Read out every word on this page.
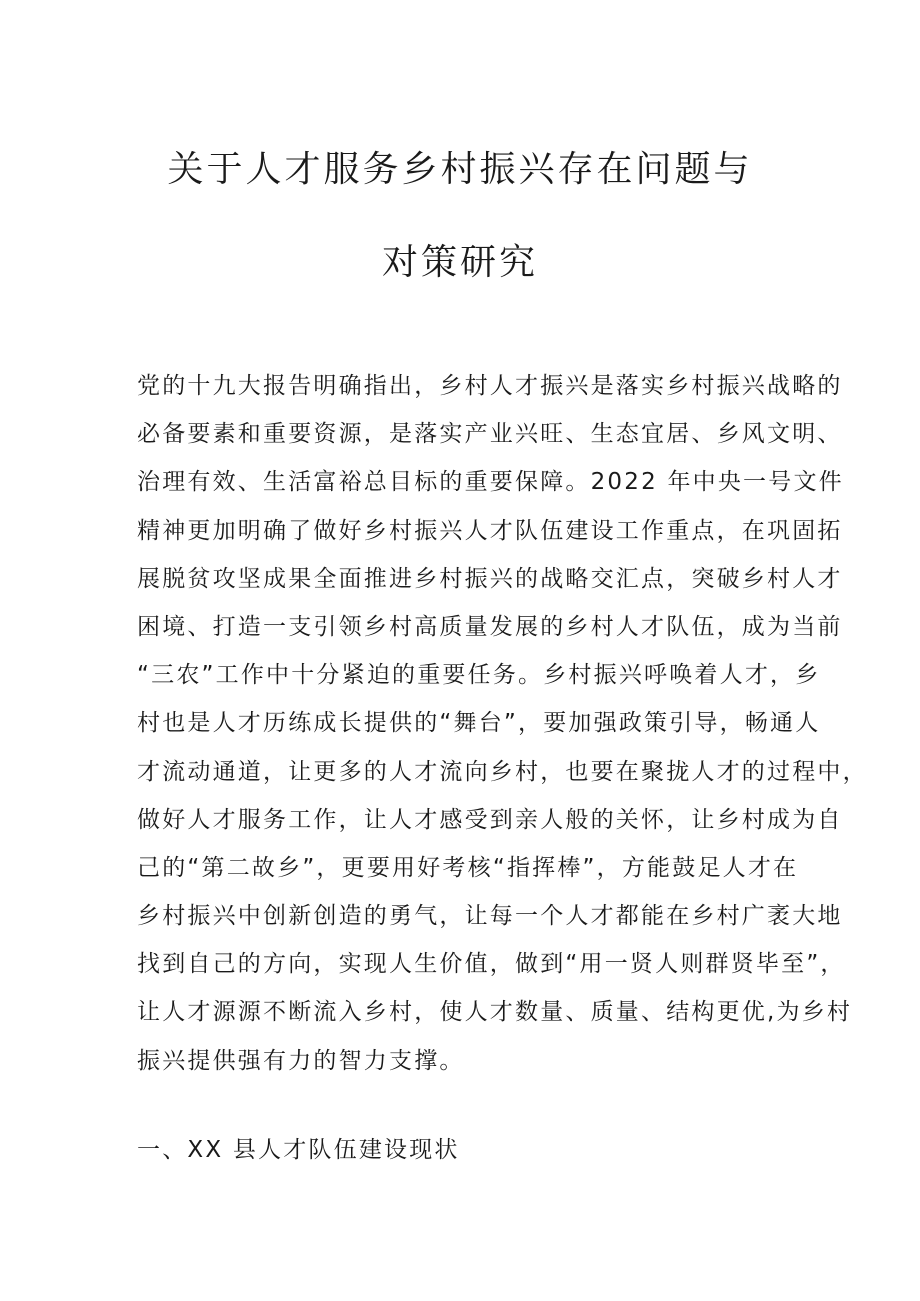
关于人才服务乡村振兴存在问题与
对策研究
党的十九大报告明确指出，乡村人才振兴是落实乡村振兴战略的
必备要素和重要资源，是落实产业兴旺、生态宜居、乡风文明、
治理有效、生活富裕总目标的重要保障。2022 年中央一号文件
精神更加明确了做好乡村振兴人才队伍建设工作重点，在巩固拓
展脱贫攻坚成果全面推进乡村振兴的战略交汇点，突破乡村人才
困境、打造一支引领乡村高质量发展的乡村人才队伍，成为当前
“三农”工作中十分紧迫的重要任务。乡村振兴呼唤着人才，乡
村也是人才历练成长提供的“舞台”，要加强政策引导，畅通人
才流动通道，让更多的人才流向乡村，也要在聚拢人才的过程中，
做好人才服务工作，让人才感受到亲人般的关怀，让乡村成为自
己的“第二故乡”，更要用好考核“指挥棒”，方能鼓足人才在
乡村振兴中创新创造的勇气，让每一个人才都能在乡村广袤大地
找到自己的方向，实现人生价值，做到“用一贤人则群贤毕至”，
让人才源源不断流入乡村，使人才数量、质量、结构更优,为乡村
振兴提供强有力的智力支撑。
一、XX 县人才队伍建设现状
